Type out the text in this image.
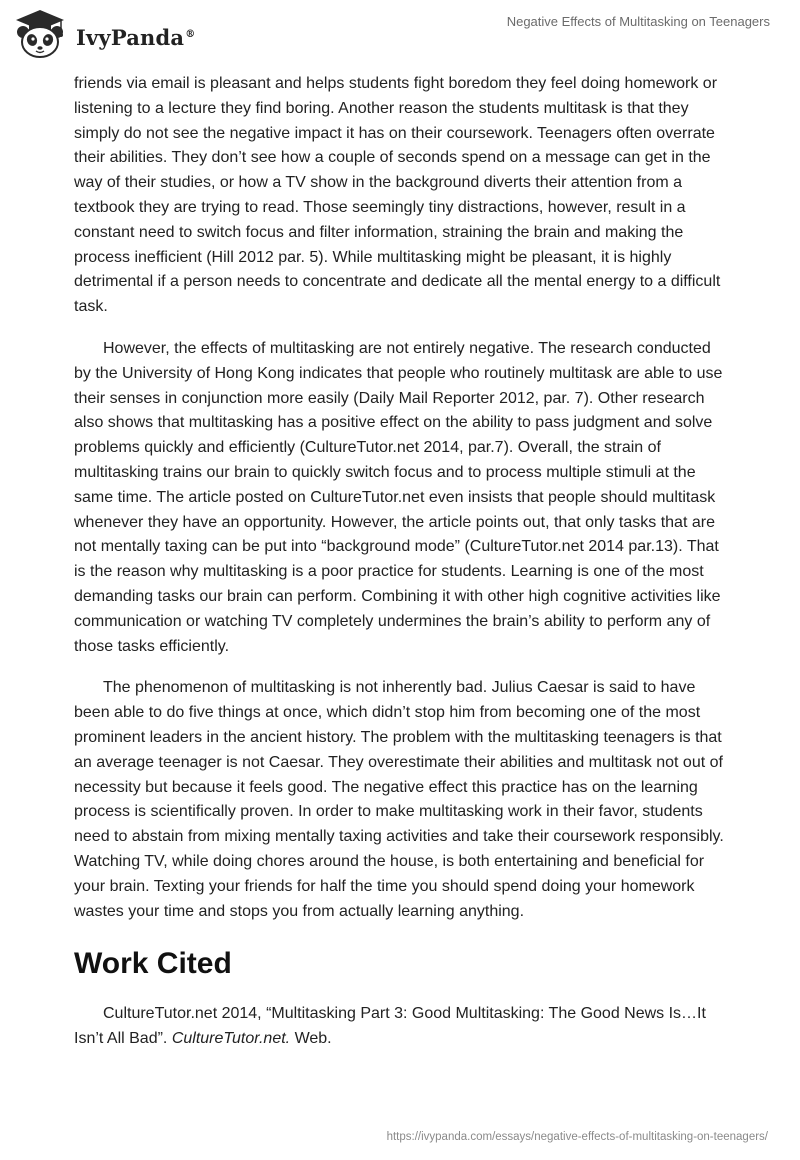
IvyPanda®
Negative Effects of Multitasking on Teenagers

friends via email is pleasant and helps students fight boredom they feel doing homework or listening to a lecture they find boring. Another reason the students multitask is that they simply do not see the negative impact it has on their coursework. Teenagers often overrate their abilities. They don’t see how a couple of seconds spend on a message can get in the way of their studies, or how a TV show in the background diverts their attention from a textbook they are trying to read. Those seemingly tiny distractions, however, result in a constant need to switch focus and filter information, straining the brain and making the process inefficient (Hill 2012 par. 5). While multitasking might be pleasant, it is highly detrimental if a person needs to concentrate and dedicate all the mental energy to a difficult task.

However, the effects of multitasking are not entirely negative. The research conducted by the University of Hong Kong indicates that people who routinely multitask are able to use their senses in conjunction more easily (Daily Mail Reporter 2012, par. 7). Other research also shows that multitasking has a positive effect on the ability to pass judgment and solve problems quickly and efficiently (CultureTutor.net 2014, par.7). Overall, the strain of multitasking trains our brain to quickly switch focus and to process multiple stimuli at the same time. The article posted on CultureTutor.net even insists that people should multitask whenever they have an opportunity. However, the article points out, that only tasks that are not mentally taxing can be put into “background mode” (CultureTutor.net 2014 par.13). That is the reason why multitasking is a poor practice for students. Learning is one of the most demanding tasks our brain can perform. Combining it with other high cognitive activities like communication or watching TV completely undermines the brain’s ability to perform any of those tasks efficiently.

The phenomenon of multitasking is not inherently bad. Julius Caesar is said to have been able to do five things at once, which didn’t stop him from becoming one of the most prominent leaders in the ancient history. The problem with the multitasking teenagers is that an average teenager is not Caesar. They overestimate their abilities and multitask not out of necessity but because it feels good. The negative effect this practice has on the learning process is scientifically proven. In order to make multitasking work in their favor, students need to abstain from mixing mentally taxing activities and take their coursework responsibly. Watching TV, while doing chores around the house, is both entertaining and beneficial for your brain. Texting your friends for half the time you should spend doing your homework wastes your time and stops you from actually learning anything.

Work Cited

CultureTutor.net 2014, “Multitasking Part 3: Good Multitasking: The Good News Is…It Isn’t All Bad”. CultureTutor.net. Web.

https://ivypanda.com/essays/negative-effects-of-multitasking-on-teenagers/
